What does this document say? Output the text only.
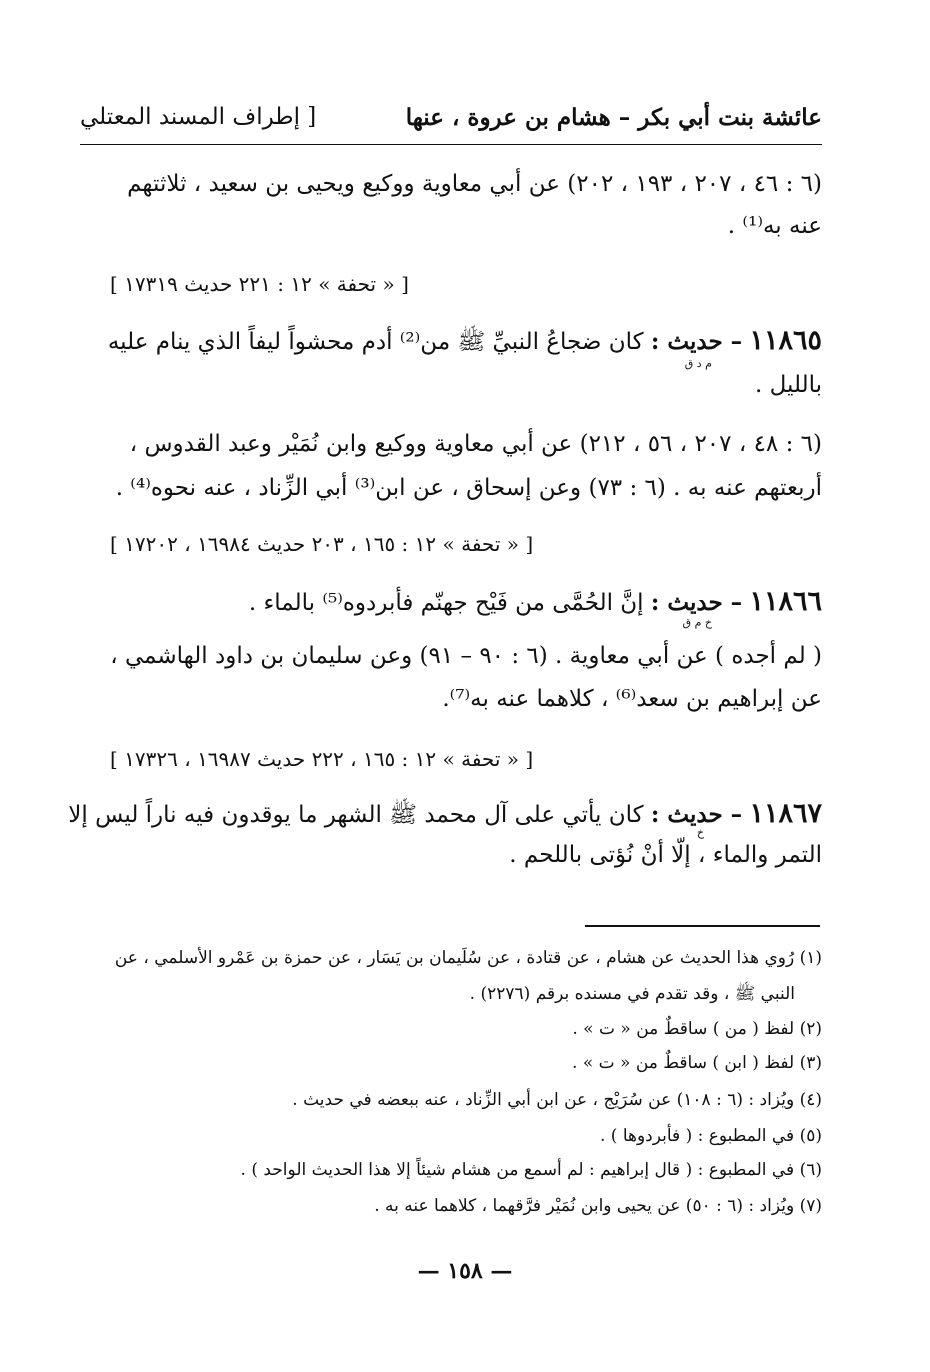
عائشة بنت أبي بكر – هشام بن عروة ، عنها
[ إطراف المسند المعتلي
(٦ : ٤٦ ، ٢٠٧ ، ١٩٣ ، ٢٠٢) عن أبي معاوية ووكيع ويحيى بن سعيد ، ثلاثتهم
عنه به⁽¹⁾ .
[ « تحفة » ١٢ : ٢٢١ حديث ١٧٣١٩ ]
١١٨٦٥ – حديث : كان ضجاعُ النبيِّ ﷺ من⁽²⁾ أدم محشواً ليفاً الذي ينام عليه
م د ق
بالليل .
(٦ : ٤٨ ، ٢٠٧ ، ٥٦ ، ٢١٢) عن أبي معاوية ووكيع وابن نُمَيْر وعبد القدوس ،
أربعتهم عنه به . (٦ : ٧٣) وعن إسحاق ، عن ابن⁽³⁾ أبي الزِّناد ، عنه نحوه⁽⁴⁾ .
[ « تحفة » ١٢ : ١٦٥ ، ٢٠٣ حديث ١٦٩٨٤ ، ١٧٢٠٢ ]
١١٨٦٦ – حديث : إنَّ الحُمَّى من فَيْح جهنّم فأبردوه⁽⁵⁾ بالماء .
خ م ق
( لم أجده ) عن أبي معاوية . (٦ : ٩٠ – ٩١) وعن سليمان بن داود الهاشمي ،
عن إبراهيم بن سعد⁽⁶⁾ ، كلاهما عنه به⁽⁷⁾.
[ « تحفة » ١٢ : ١٦٥ ، ٢٢٢ حديث ١٦٩٨٧ ، ١٧٣٢٦ ]
١١٨٦٧ – حديث : كان يأتي على آل محمد ﷺ الشهر ما يوقدون فيه ناراً ليس إلا
خ
التمر والماء ، إلّا أنْ نُؤتى باللحم .
(١) رُوي هذا الحديث عن هشام ، عن قتادة ، عن سُلَيمان بن يَسَار ، عن حمزة بن عَمْرو الأسلمي ، عن
النبي ﷺ ، وقد تقدم في مسنده برقم (٢٢٧٦) .
(٢) لفظ ( من ) ساقطٌ من « ت » .
(٣) لفظ ( ابن ) ساقطٌ من « ت » .
(٤) ويُزاد : (٦ : ١٠٨) عن سُرَيْج ، عن ابن أبي الزِّناد ، عنه ببعضه في حديث .
(٥) في المطبوع : ( فأبردوها ) .
(٦) في المطبوع : ( قال إبراهيم : لم أسمع من هشام شيئاً إلا هذا الحديث الواحد ) .
(٧) ويُزاد : (٦ : ٥٠) عن يحيى وابن نُمَيْر فرَّقهما ، كلاهما عنه به .
— ١٥٨ —
